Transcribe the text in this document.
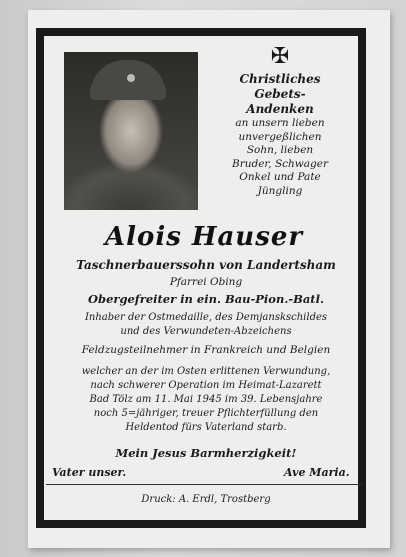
✠
Christliches
Gebets-
Andenken
an unsern lieben
unvergeßlichen
Sohn, lieben
Bruder, Schwager
Onkel und Pate
Jüngling
Alois Hauser
Taschnerbauerssohn von Landertsham
Pfarrei Obing
Obergefreiter in ein. Bau-Pion.-Batl.
Inhaber der Ostmedaille, des Demjanskschildes
und des Verwundeten-Abzeichens
Feldzugsteilnehmer in Frankreich und Belgien
welcher an der im Osten erlittenen Verwundung,
nach schwerer Operation im Heimat-Lazarett
Bad Tölz am 11. Mai 1945 im 39. Lebensjahre
noch 5=jähriger, treuer Pflichterfüllung den
Heldentod fürs Vaterland starb.
Mein Jesus Barmherzigkeit!
Vater unser.	Ave Maria.
Druck: A. Erdl, Trostberg
